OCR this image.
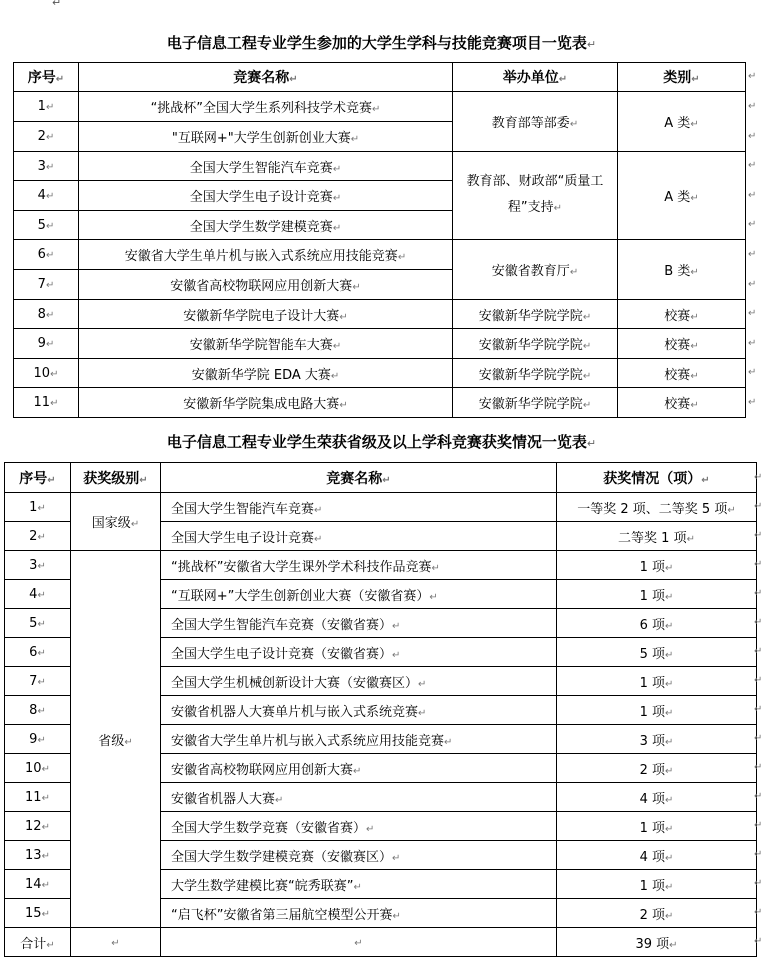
↵
电子信息工程专业学生参加的大学生学科与技能竞赛项目一览表↵
序号↵	竞赛名称↵	举办单位↵	类别↵
1↵	“挑战杯”全国大学生系列科技学术竞赛↵	教育部等部委↵	A 类↵
2↵	"互联网+"大学生创新创业大赛↵		
3↵	全国大学生智能汽车竞赛↵	教育部、财政部“质量工程”支持↵	A 类↵
4↵	全国大学生电子设计竞赛↵		
5↵	全国大学生数学建模竞赛↵		
6↵	安徽省大学生单片机与嵌入式系统应用技能竞赛↵	安徽省教育厅↵	B 类↵
7↵	安徽省高校物联网应用创新大赛↵		
8↵	安徽新华学院电子设计大赛↵	安徽新华学院学院↵	校赛↵
9↵	安徽新华学院智能车大赛↵	安徽新华学院学院↵	校赛↵
10↵	安徽新华学院 EDA 大赛↵	安徽新华学院学院↵	校赛↵
11↵	安徽新华学院集成电路大赛↵	安徽新华学院学院↵	校赛↵
电子信息工程专业学生荣获省级及以上学科竞赛获奖情况一览表↵
序号↵	获奖级别↵	竞赛名称↵	获奖情况（项）↵
1↵	国家级↵	全国大学生智能汽车竞赛↵	一等奖 2 项、二等奖 5 项↵
2↵		全国大学生电子设计竞赛↵	二等奖 1 项↵
3↵	省级↵	“挑战杯”安徽省大学生课外学术科技作品竞赛↵	1 项↵
4↵		“互联网+”大学生创新创业大赛（安徽省赛）↵	1 项↵
5↵		全国大学生智能汽车竞赛（安徽省赛）↵	6 项↵
6↵		全国大学生电子设计竞赛（安徽省赛）↵	5 项↵
7↵		全国大学生机械创新设计大赛（安徽赛区）↵	1 项↵
8↵		安徽省机器人大赛单片机与嵌入式系统竞赛↵	1 项↵
9↵		安徽省大学生单片机与嵌入式系统应用技能竞赛↵	3 项↵
10↵		安徽省高校物联网应用创新大赛↵	2 项↵
11↵		安徽省机器人大赛↵	4 项↵
12↵		全国大学生数学竞赛（安徽省赛）↵	1 项↵
13↵		全国大学生数学建模竞赛（安徽赛区）↵	4 项↵
14↵		大学生数学建模比赛“皖秀联赛”↵	1 项↵
15↵		“启飞杯”安徽省第三届航空模型公开赛↵	2 项↵
合计↵	↵	↵	39 项↵
↵
↵
↵
↵
↵
↵
↵
↵
↵
↵
↵
↵
↵
↵
↵
↵
↵
↵
↵
↵
↵
↵
↵
↵
↵
↵
↵
↵
↵
